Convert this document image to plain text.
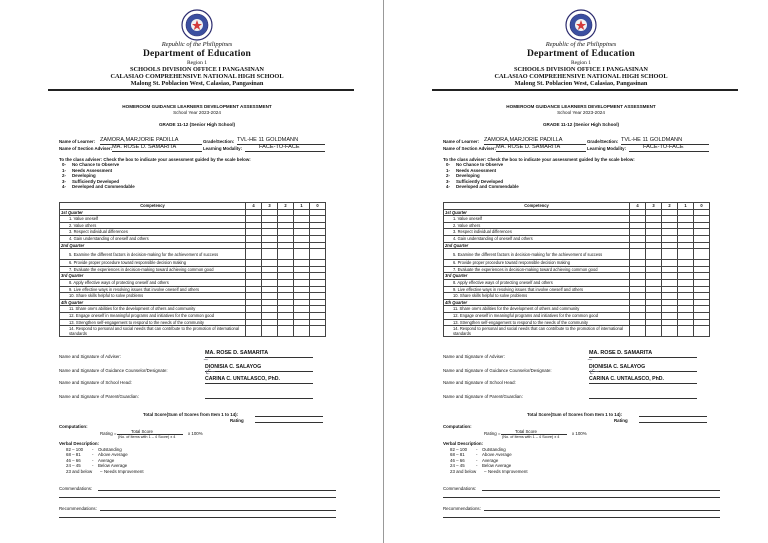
Republic of the Philippines
Department of Education
Region 1
SCHOOLS DIVISION OFFICE I PANGASINAN
CALASIAO COMPREHENSIVE NATIONAL HIGH SCHOOL
Malong St. Poblacion West, Calasiao, Pangasinan
HOMEROOM GUIDANCE LEARNERS DEVELOPMENT ASSESSMENT
School Year 2023-2024
GRADE 11-12 (Senior High School)
Name of Learner: ZAMORA,MARJORIE PADILLA	Grade/Section: TVL-HE 11 GOLDMANN
Name of Section Adviser: MA. ROSE D. SAMARITA	Learning Modality:	FACE-TO-FACE
To the class adviser: Check the box to indicate your assessment guided by the scale below:
0- No Chance to Observe
1- Needs Assessment
2- Developing
3- Sufficiently Developed
4- Developed and Commendable
Competency	4	3	2	1	0
1st Quarter					
1. Value oneself					
2. Value others					
3. Respect individual differences					
4. Gain understanding of oneself and others					
2nd Quarter					
5. Examine the different factors in decision-making for the achievement of success					
6. Provide proper procedure toward responsible decision making					
7. Evaluate the experiences in decision-making toward achieving common good					
3rd Quarter					
8. Apply effective ways of protecting oneself and others					
9. Live effective ways in resolving issues that involve oneself and others					
10. Share skills helpful to solve problems					
4th Quarter					
11. Share one's abilities for the development of others and community					
12. Engage oneself in meaningful programs and initiatives for the common good					
13. Strengthen self-engagement to respond to the needs of the community					
14. Respond to personal and social needs that can contribute to the promotion of international standards					
Name and Signature of Adviser:
MA. ROSE D. SAMARITA
~
Name and Signature of Guidance Counselor/Designate:
DIONISIA C. SALAYOG
ℭ~
Name and Signature of School Head:
CARINA C. UNTALASCO, PhD.
Name and Signature of Parent/Guardian:
Total Score(Sum of Scores from Item 1 to 14):
Rating
Computation:
Rating =	Total Score
(No. of Items with 1 – 4 Score) x 4
x 100%
Verbal Description:
82 – 100 - Outstanding
68 – 81	- Above Average
46 – 66	- Average
24 – 45	- Below Average
23 and below – Needs Improvement
Commendations:
Recommendations:
Republic of the Philippines
Department of Education
Region 1
SCHOOLS DIVISION OFFICE I PANGASINAN
CALASIAO COMPREHENSIVE NATIONAL HIGH SCHOOL
Malong St. Poblacion West, Calasiao, Pangasinan
HOMEROOM GUIDANCE LEARNERS DEVELOPMENT ASSESSMENT
School Year 2023-2024
GRADE 11-12 (Senior High School)
Name of Learner: ZAMORA,MARJORIE PADILLA	Grade/Section: TVL-HE 11 GOLDMANN
Name of Section Adviser: MA. ROSE D. SAMARITA	Learning Modality:	FACE-TO-FACE
To the class adviser: Check the box to indicate your assessment guided by the scale below:
0- No Chance to Observe
1- Needs Assessment
2- Developing
3- Sufficiently Developed
4- Developed and Commendable
Competency	4	3	2	1	0
1st Quarter					
1. Value oneself					
2. Value others					
3. Respect individual differences					
4. Gain understanding of oneself and others					
2nd Quarter					
5. Examine the different factors in decision-making for the achievement of success					
6. Provide proper procedure toward responsible decision making					
7. Evaluate the experiences in decision-making toward achieving common good					
3rd Quarter					
8. Apply effective ways of protecting oneself and others					
9. Live effective ways in resolving issues that involve oneself and others					
10. Share skills helpful to solve problems					
4th Quarter					
11. Share one's abilities for the development of others and community					
12. Engage oneself in meaningful programs and initiatives for the common good					
13. Strengthen self-engagement to respond to the needs of the community					
14. Respond to personal and social needs that can contribute to the promotion of international standards					
Name and Signature of Adviser:
MA. ROSE D. SAMARITA
~
Name and Signature of Guidance Counselor/Designate:
DIONISIA C. SALAYOG
ℭ~
Name and Signature of School Head:
CARINA C. UNTALASCO, PhD.
Name and Signature of Parent/Guardian:
Total Score(Sum of Scores from Item 1 to 14):
Rating
Computation:
Rating =	Total Score
(No. of Items with 1 – 4 Score) x 4
x 100%
Verbal Description:
82 – 100 - Outstanding
68 – 81	- Above Average
46 – 66	- Average
24 – 45	- Below Average
23 and below – Needs Improvement
Commendations:
Recommendations:
